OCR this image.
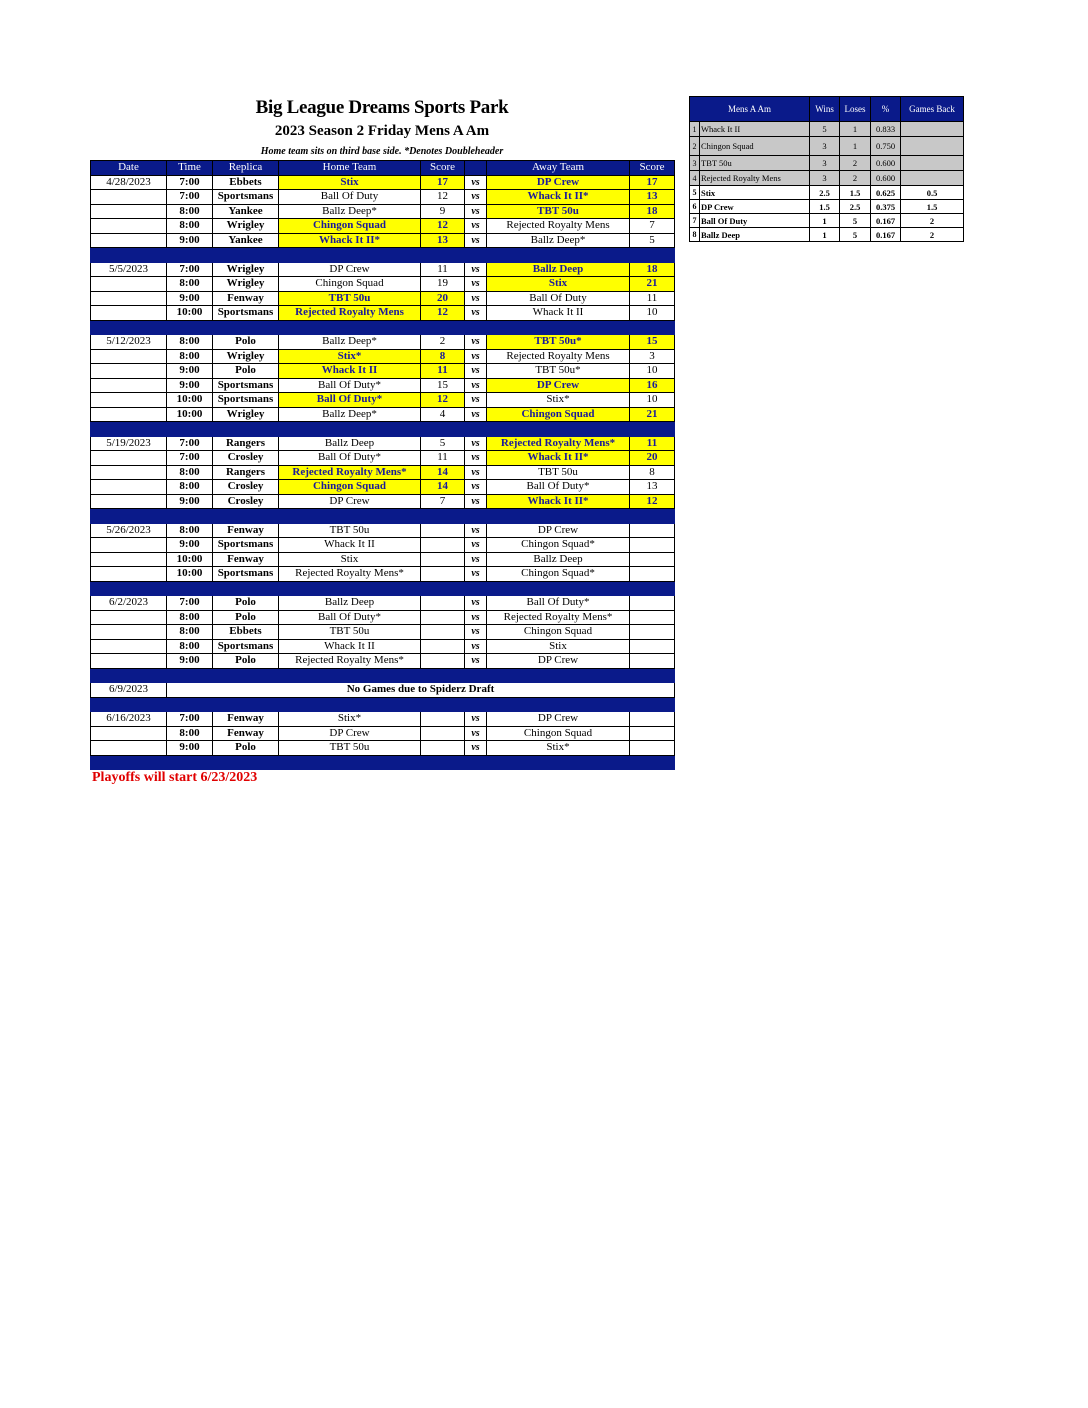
Big League Dreams Sports Park
2023 Season 2 Friday Mens A Am
Home team sits on third base side. *Denotes Doubleheader
Date	Time	Replica	Home Team	Score		Away Team	Score
4/28/2023	7:00	Ebbets	Stix	17	vs	DP Crew	17
	7:00	Sportsmans	Ball Of Duty	12	vs	Whack It II*	13
	8:00	Yankee	Ballz Deep*	9	vs	TBT 50u	18
	8:00	Wrigley	Chingon Squad	12	vs	Rejected Royalty Mens	7
	9:00	Yankee	Whack It II*	13	vs	Ballz Deep*	5

5/5/2023	7:00	Wrigley	DP Crew	11	vs	Ballz Deep	18
	8:00	Wrigley	Chingon Squad	19	vs	Stix	21
	9:00	Fenway	TBT 50u	20	vs	Ball Of Duty	11
	10:00	Sportsmans	Rejected Royalty Mens	12	vs	Whack It II	10

5/12/2023	8:00	Polo	Ballz Deep*	2	vs	TBT 50u*	15
	8:00	Wrigley	Stix*	8	vs	Rejected Royalty Mens	3
	9:00	Polo	Whack It II	11	vs	TBT 50u*	10
	9:00	Sportsmans	Ball Of Duty*	15	vs	DP Crew	16
	10:00	Sportsmans	Ball Of Duty*	12	vs	Stix*	10
	10:00	Wrigley	Ballz Deep*	4	vs	Chingon Squad	21

5/19/2023	7:00	Rangers	Ballz Deep	5	vs	Rejected Royalty Mens*	11
	7:00	Crosley	Ball Of Duty*	11	vs	Whack It II*	20
	8:00	Rangers	Rejected Royalty Mens*	14	vs	TBT 50u	8
	8:00	Crosley	Chingon Squad	14	vs	Ball Of Duty*	13
	9:00	Crosley	DP Crew	7	vs	Whack It II*	12

5/26/2023	8:00	Fenway	TBT 50u		vs	DP Crew	
	9:00	Sportsmans	Whack It II		vs	Chingon Squad*	
	10:00	Fenway	Stix		vs	Ballz Deep	
	10:00	Sportsmans	Rejected Royalty Mens*		vs	Chingon Squad*	

6/2/2023	7:00	Polo	Ballz Deep		vs	Ball Of Duty*	
	8:00	Polo	Ball Of Duty*		vs	Rejected Royalty Mens*	
	8:00	Ebbets	TBT 50u		vs	Chingon Squad	
	8:00	Sportsmans	Whack It II		vs	Stix	
	9:00	Polo	Rejected Royalty Mens*		vs	DP Crew	

6/9/2023	No Games due to Spiderz Draft						

6/16/2023	7:00	Fenway	Stix*		vs	DP Crew	
	8:00	Fenway	DP Crew		vs	Chingon Squad	
	9:00	Polo	TBT 50u		vs	Stix*	

Playoffs will start 6/23/2023
Mens A Am		Wins	Loses	%	Games Back
1	Whack It II	5	1	0.833	
2	Chingon Squad	3	1	0.750	
3	TBT 50u	3	2	0.600	
4	Rejected Royalty Mens	3	2	0.600	
5	Stix	2.5	1.5	0.625	0.5
6	DP Crew	1.5	2.5	0.375	1.5
7	Ball Of Duty	1	5	0.167	2
8	Ballz Deep	1	5	0.167	2
